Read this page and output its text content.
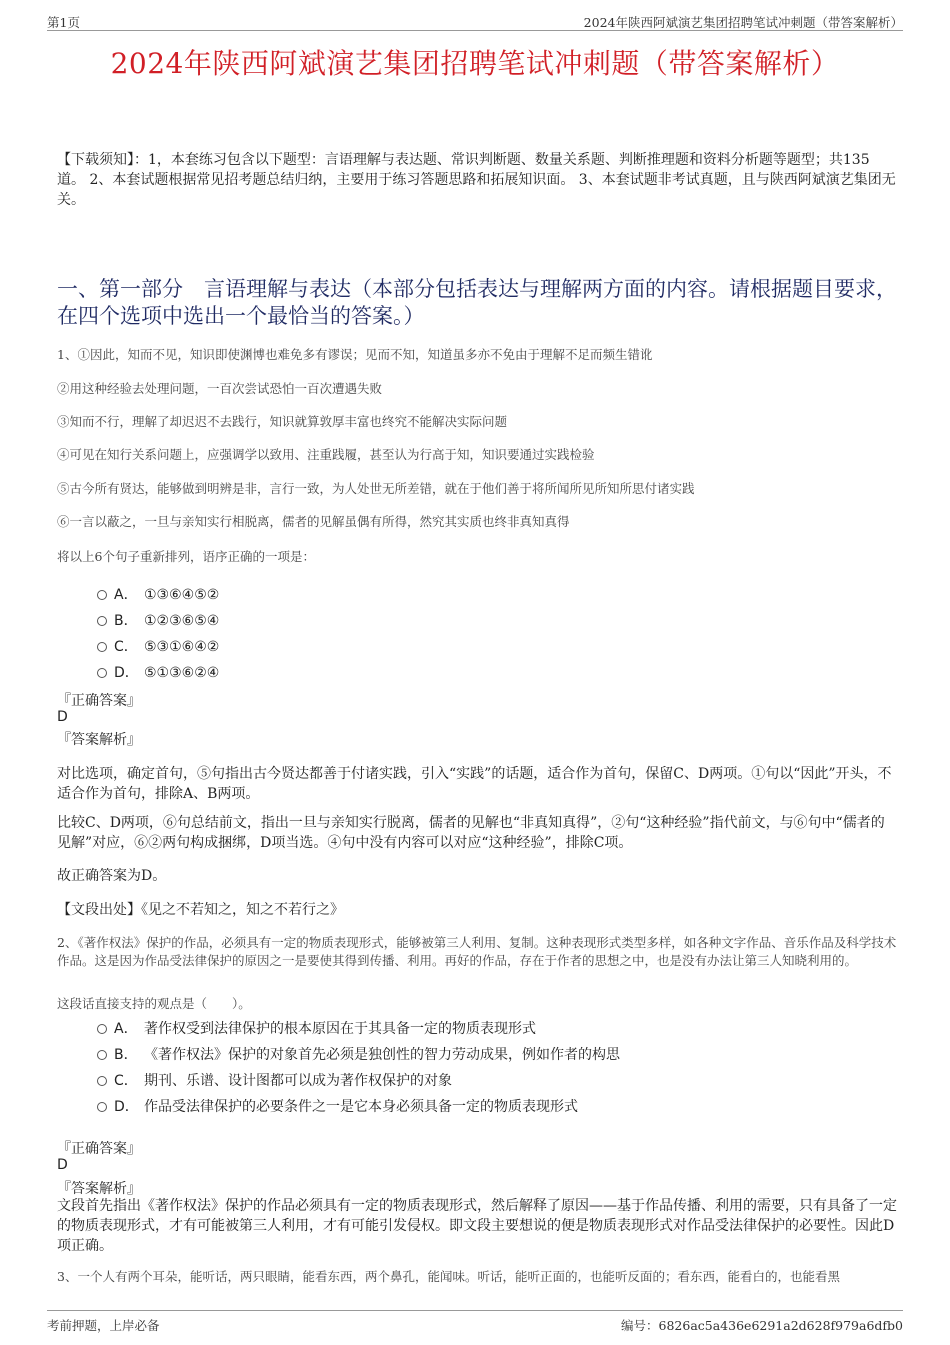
第1页	2024年陕西阿斌演艺集团招聘笔试冲刺题（带答案解析）
2024年陕西阿斌演艺集团招聘笔试冲刺题（带答案解析）
【下载须知】：1，本套练习包含以下题型：言语理解与表达题、常识判断题、数量关系题、判断推理题和资料分析题等题型；共135道。 2、本套试题根据常见招考题总结归纳，主要用于练习答题思路和拓展知识面。 3、本套试题非考试真题，且与陕西阿斌演艺集团无关。
一、第一部分　言语理解与表达（本部分包括表达与理解两方面的内容。请根据题目要求，在四个选项中选出一个最恰当的答案。）
1、①因此，知而不见，知识即使渊博也难免多有谬误；见而不知，知道虽多亦不免由于理解不足而频生错讹
②用这种经验去处理问题，一百次尝试恐怕一百次遭遇失败
③知而不行，理解了却迟迟不去践行，知识就算敦厚丰富也终究不能解决实际问题
④可见在知行关系问题上，应强调学以致用、注重践履，甚至认为行高于知，知识要通过实践检验
⑤古今所有贤达，能够做到明辨是非，言行一致，为人处世无所差错，就在于他们善于将所闻所见所知所思付诸实践
⑥一言以蔽之，一旦与亲知实行相脱离，儒者的见解虽偶有所得，然究其实质也终非真知真得
将以上6个句子重新排列，语序正确的一项是：
A． ①③⑥④⑤②
B． ①②③⑥⑤④
C． ⑤③①⑥④②
D． ⑤①③⑥②④
『正确答案』
D
『答案解析』
对比选项，确定首句，⑤句指出古今贤达都善于付诸实践，引入“实践”的话题，适合作为首句，保留C、D两项。①句以“因此”开头，不适合作为首句，排除A、B两项。
比较C、D两项，⑥句总结前文，指出一旦与亲知实行脱离，儒者的见解也“非真知真得”，②句“这种经验”指代前文，与⑥句中“儒者的见解”对应，⑥②两句构成捆绑，D项当选。④句中没有内容可以对应“这种经验”，排除C项。
故正确答案为D。
【文段出处】《见之不若知之，知之不若行之》
2、《著作权法》保护的作品，必须具有一定的物质表现形式，能够被第三人利用、复制。这种表现形式类型多样，如各种文字作品、音乐作品及科学技术作品。这是因为作品受法律保护的原因之一是要使其得到传播、利用。再好的作品，存在于作者的思想之中，也是没有办法让第三人知晓利用的。
这段话直接支持的观点是（　　）。
A． 著作权受到法律保护的根本原因在于其具备一定的物质表现形式
B． 《著作权法》保护的对象首先必须是独创性的智力劳动成果，例如作者的构思
C． 期刊、乐谱、设计图都可以成为著作权保护的对象
D． 作品受法律保护的必要条件之一是它本身必须具备一定的物质表现形式
『正确答案』
D
『答案解析』
文段首先指出《著作权法》保护的作品必须具有一定的物质表现形式，然后解释了原因——基于作品传播、利用的需要，只有具备了一定的物质表现形式，才有可能被第三人利用，才有可能引发侵权。即文段主要想说的便是物质表现形式对作品受法律保护的必要性。因此D项正确。
3、一个人有两个耳朵，能听话，两只眼睛，能看东西，两个鼻孔，能闻味。听话，能听正面的，也能听反面的；看东西，能看白的，也能看黑
考前押题，上岸必备	编号：6826ac5a436e6291a2d628f979a6dfb0
